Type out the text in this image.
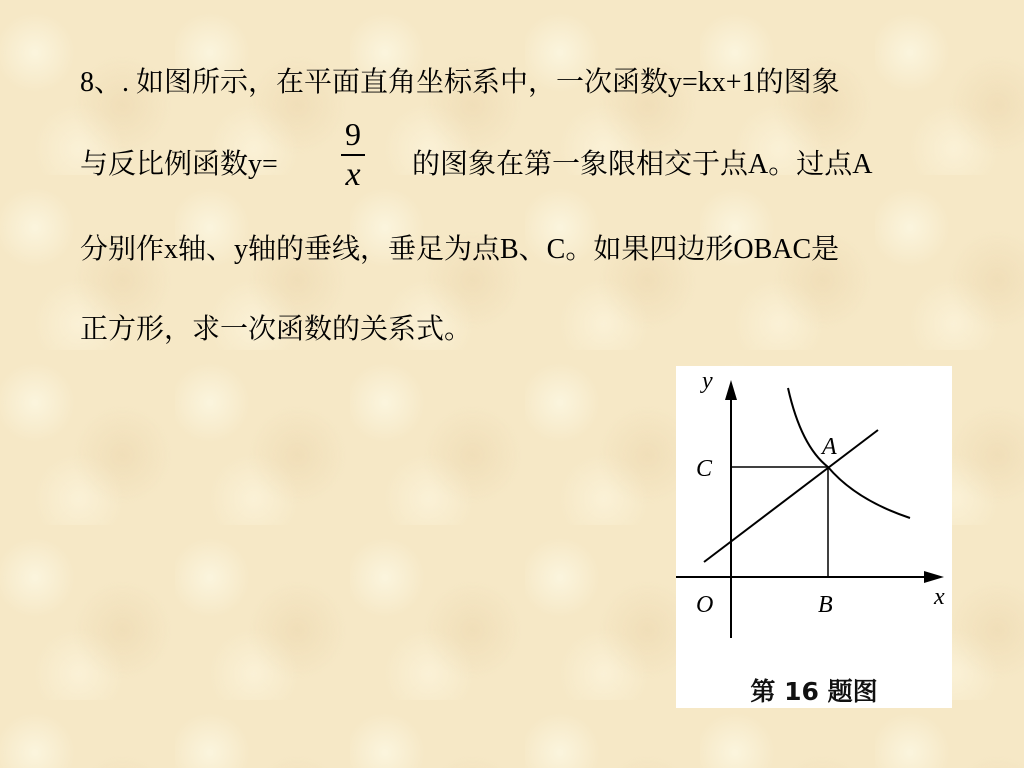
8、. 如图所示，在平面直角坐标系中，一次函数y=kx+1的图象
与反比例函数y=
9
x 的图象在第一象限相交于点A。过点A
分别作x轴、y轴的垂线，垂足为点B、C。如果四边形OBAC是
正方形，求一次函数的关系式。
y
x
O
A
B
C
第 16 题图
